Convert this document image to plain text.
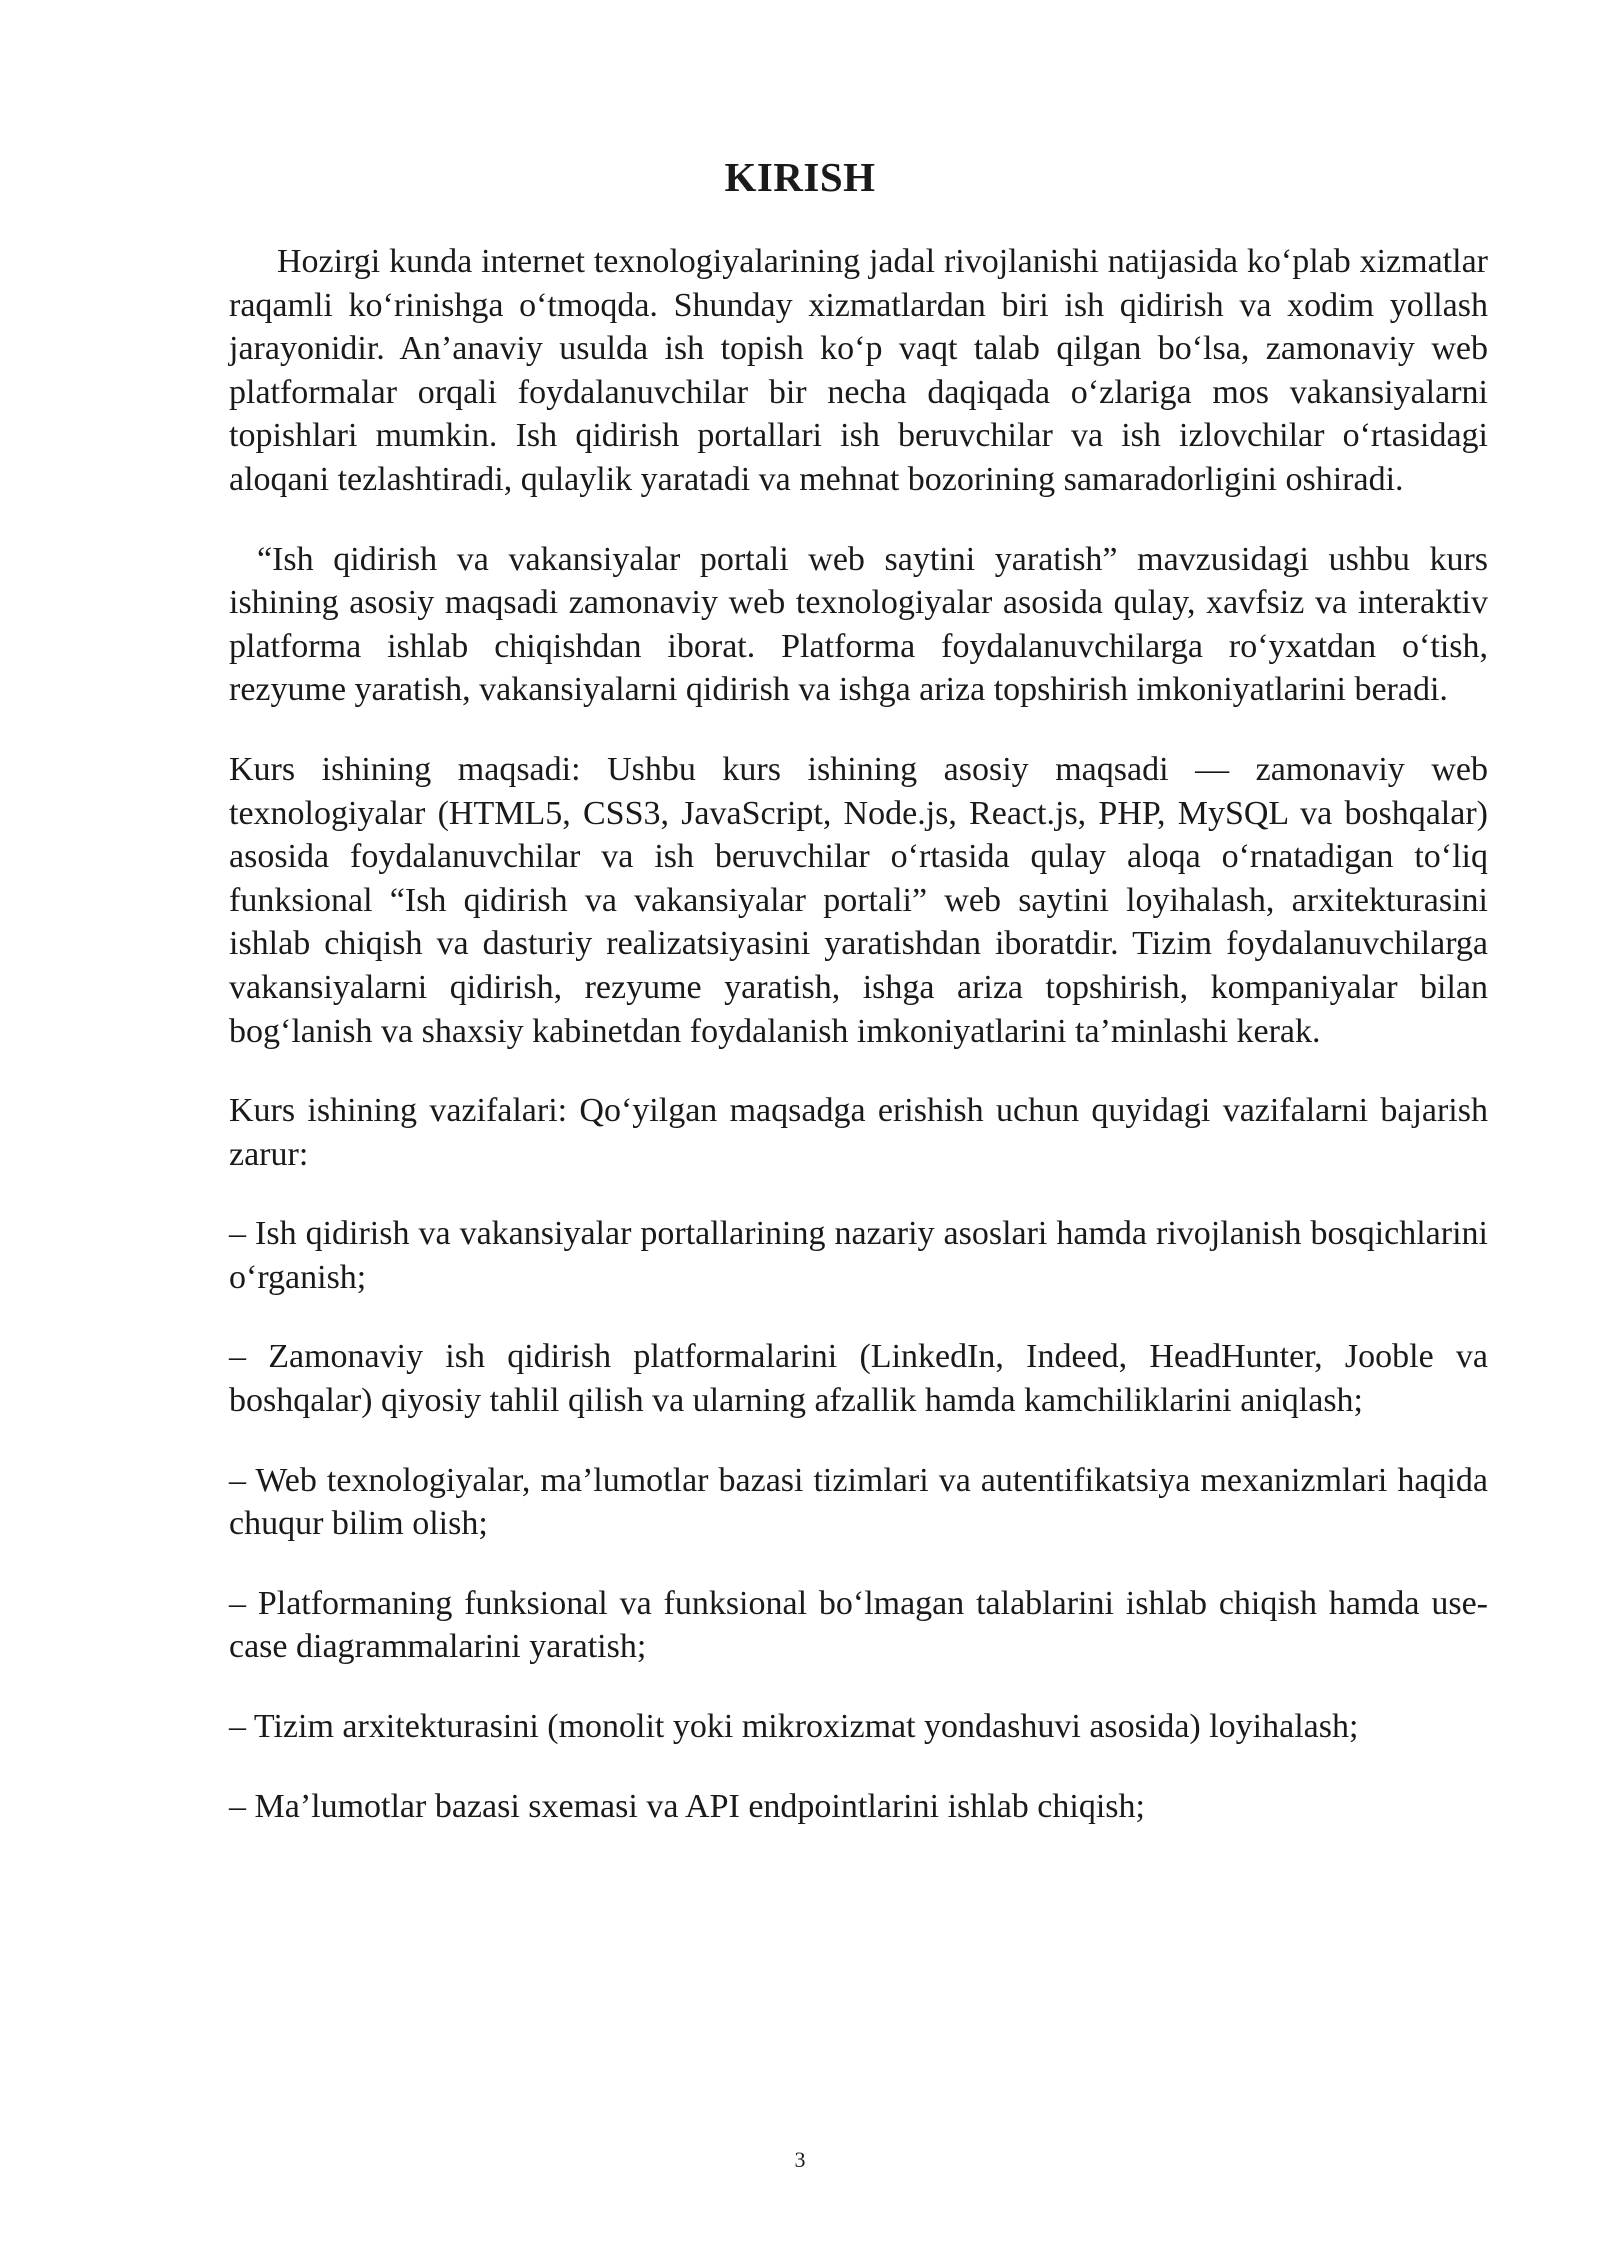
KIRISH

Hozirgi kunda internet texnologiyalarining jadal rivojlanishi natijasida ko‘plab xizmatlar raqamli ko‘rinishga o‘tmoqda. Shunday xizmatlardan biri ish qidirish va xodim yollash jarayonidir. An’anaviy usulda ish topish ko‘p vaqt talab qilgan bo‘lsa, zamonaviy web platformalar orqali foydalanuvchilar bir necha daqiqada o‘zlariga mos vakansiyalarni topishlari mumkin. Ish qidirish portallari ish beruvchilar va ish izlovchilar o‘rtasidagi aloqani tezlashtiradi, qulaylik yaratadi va mehnat bozorining samaradorligini oshiradi.

“Ish qidirish va vakansiyalar portali web saytini yaratish” mavzusidagi ushbu kurs ishining asosiy maqsadi zamonaviy web texnologiyalar asosida qulay, xavfsiz va interaktiv platforma ishlab chiqishdan iborat. Platforma foydalanuvchilarga ro‘yxatdan o‘tish, rezyume yaratish, vakansiyalarni qidirish va ishga ariza topshirish imkoniyatlarini beradi.

Kurs ishining maqsadi: Ushbu kurs ishining asosiy maqsadi — zamonaviy web texnologiyalar (HTML5, CSS3, JavaScript, Node.js, React.js, PHP, MySQL va boshqalar) asosida foydalanuvchilar va ish beruvchilar o‘rtasida qulay aloqa o‘rnatadigan to‘liq funksional “Ish qidirish va vakansiyalar portali” web saytini loyihalash, arxitekturasini ishlab chiqish va dasturiy realizatsiyasini yaratishdan iboratdir. Tizim foydalanuvchilarga vakansiyalarni qidirish, rezyume yaratish, ishga ariza topshirish, kompaniyalar bilan bog‘lanish va shaxsiy kabinetdan foydalanish imkoniyatlarini ta’minlashi kerak.

Kurs ishining vazifalari: Qo‘yilgan maqsadga erishish uchun quyidagi vazifalarni bajarish zarur:

– Ish qidirish va vakansiyalar portallarining nazariy asoslari hamda rivojlanish bosqichlarini o‘rganish;

– Zamonaviy ish qidirish platformalarini (LinkedIn, Indeed, HeadHunter, Jooble va boshqalar) qiyosiy tahlil qilish va ularning afzallik hamda kamchiliklarini aniqlash;

– Web texnologiyalar, ma’lumotlar bazasi tizimlari va autentifikatsiya mexanizmlari haqida chuqur bilim olish;

– Platformaning funksional va funksional bo‘lmagan talablarini ishlab chiqish hamda use-case diagrammalarini yaratish;

– Tizim arxitekturasini (monolit yoki mikroxizmat yondashuvi asosida) loyihalash;

– Ma’lumotlar bazasi sxemasi va API endpointlarini ishlab chiqish;

3
